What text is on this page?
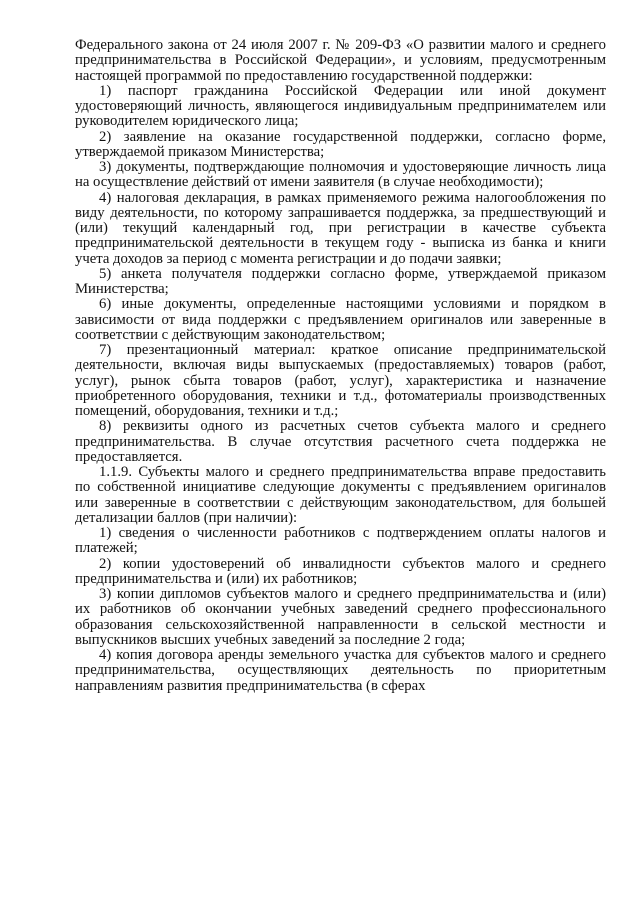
Федерального закона от 24 июля 2007 г. № 209-ФЗ «О развитии малого и среднего предпринимательства в Российской Федерации», и условиям, предусмотренным настоящей программой по предоставлению государственной поддержки:

1) паспорт гражданина Российской Федерации или иной документ удостоверяющий личность, являющегося индивидуальным предпринимателем или руководителем юридического лица;

2) заявление на оказание государственной поддержки, согласно форме, утверждаемой приказом Министерства;

3) документы, подтверждающие полномочия и удостоверяющие личность лица на осуществление действий от имени заявителя (в случае необходимости);

4) налоговая декларация, в рамках применяемого режима налогообложения по виду деятельности, по которому запрашивается поддержка, за предшествующий и (или) текущий календарный год, при регистрации в качестве субъекта предпринимательской деятельности в текущем году - выписка из банка и книги учета доходов за период с момента регистрации и до подачи заявки;

5) анкета получателя поддержки согласно форме, утверждаемой приказом Министерства;

6) иные документы, определенные настоящими условиями и порядком в зависимости от вида поддержки с предъявлением оригиналов или заверенные в соответствии с действующим законодательством;

7) презентационный материал: краткое описание предпринимательской деятельности, включая виды выпускаемых (предоставляемых) товаров (работ, услуг), рынок сбыта товаров (работ, услуг), характеристика и назначение приобретенного оборудования, техники и т.д., фотоматериалы производственных помещений, оборудования, техники и т.д.;

8) реквизиты одного из расчетных счетов субъекта малого и среднего предпринимательства. В случае отсутствия расчетного счета поддержка не предоставляется.

1.1.9. Субъекты малого и среднего предпринимательства вправе предоставить по собственной инициативе следующие документы с предъявлением оригиналов или заверенные в соответствии с действующим законодательством, для большей детализации баллов (при наличии):

1) сведения о численности работников с подтверждением оплаты налогов и платежей;

2) копии удостоверений об инвалидности субъектов малого и среднего предпринимательства и (или) их работников;

3) копии дипломов субъектов малого и среднего предпринимательства и (или) их работников об окончании учебных заведений среднего профессионального образования сельскохозяйственной направленности в сельской местности и выпускников высших учебных заведений за последние 2 года;

4) копия договора аренды земельного участка для субъектов малого и среднего предпринимательства, осуществляющих деятельность по приоритетным направлениям развития предпринимательства (в сферах
